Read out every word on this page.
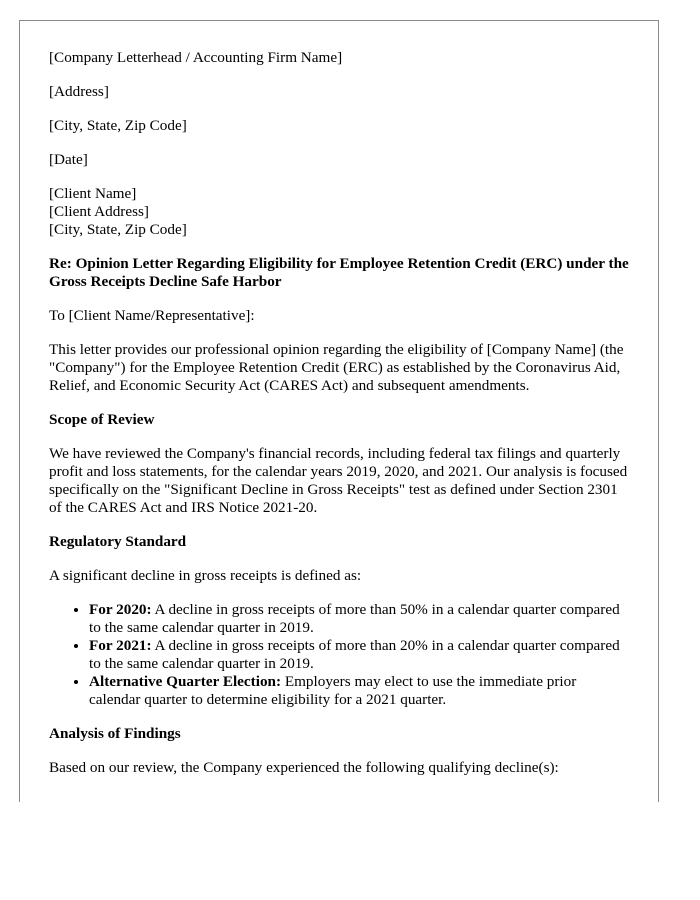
[Company Letterhead / Accounting Firm Name]

[Address]

[City, State, Zip Code]

[Date]

[Client Name]
[Client Address]
[City, State, Zip Code]

Re: Opinion Letter Regarding Eligibility for Employee Retention Credit (ERC) under the Gross Receipts Decline Safe Harbor

To [Client Name/Representative]:

This letter provides our professional opinion regarding the eligibility of [Company Name] (the "Company") for the Employee Retention Credit (ERC) as established by the Coronavirus Aid, Relief, and Economic Security Act (CARES Act) and subsequent amendments.

Scope of Review

We have reviewed the Company's financial records, including federal tax filings and quarterly profit and loss statements, for the calendar years 2019, 2020, and 2021. Our analysis is focused specifically on the "Significant Decline in Gross Receipts" test as defined under Section 2301 of the CARES Act and IRS Notice 2021-20.

Regulatory Standard

A significant decline in gross receipts is defined as:

• For 2020: A decline in gross receipts of more than 50% in a calendar quarter compared to the same calendar quarter in 2019.
• For 2021: A decline in gross receipts of more than 20% in a calendar quarter compared to the same calendar quarter in 2019.
• Alternative Quarter Election: Employers may elect to use the immediate prior calendar quarter to determine eligibility for a 2021 quarter.

Analysis of Findings

Based on our review, the Company experienced the following qualifying decline(s):
